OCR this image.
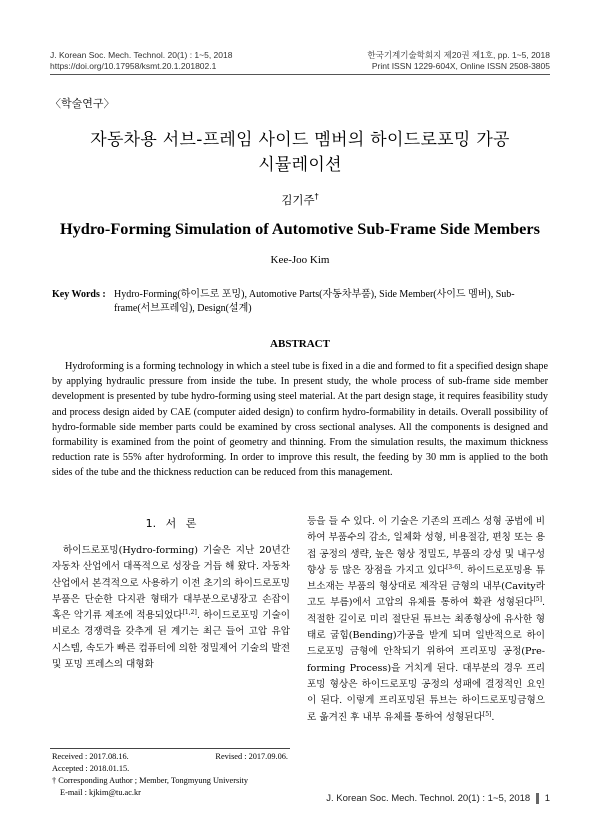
J. Korean Soc. Mech. Technol. 20(1) : 1~5, 2018
https://doi.org/10.17958/ksmt.20.1.201802.1
한국기계기술학회지 제20권 제1호, pp. 1~5, 2018
Print ISSN 1229-604X, Online ISSN 2508-3805
〈학술연구〉
자동차용 서브-프레임 사이드 멤버의 하이드로포밍 가공
시뮬레이션
김기주†
Hydro-Forming Simulation of Automotive Sub-Frame Side Members
Kee-Joo Kim
Key Words : Hydro-Forming(하이드로 포밍), Automotive Parts(자동차부품), Side Member(사이드 멤버), Sub-frame(서브프레임), Design(설계)
ABSTRACT
Hydroforming is a forming technology in which a steel tube is fixed in a die and formed to fit a specified design shape by applying hydraulic pressure from inside the tube. In present study, the whole process of sub-frame side member development is presented by tube hydro-forming using steel material. At the part design stage, it requires feasibility study and process design aided by CAE (computer aided design) to confirm hydro-formability in details. Overall possibility of hydro-formable side member parts could be examined by cross sectional analyses. All the components is designed and formability is examined from the point of geometry and thinning. From the simulation results, the maximum thickness reduction rate is 55% after hydroforming. In order to improve this result, the feeding by 30 mm is applied to the both sides of the tube and the thickness reduction can be reduced from this management.
1. 서 론

하이드로포밍(Hydro-forming) 기술은 지난 20년간 자동차 산업에서 대폭적으로 성장을 거듭 해 왔다. 자동차산업에서 본격적으로 사용하기 이전 초기의 하이드로포밍 부품은 단순한 다지관 형태가 대부분으로냉장고 손잡이 혹은 악기류 제조에 적용되었다[1,2]. 하이드로포밍 기술이 비로소 경쟁력을 갖추게 된 계기는 최근 들어 고압 유압 시스템, 속도가 빠른 컴퓨터에 의한 정밀제어 기술의 발전 및 포밍 프레스의 대형화

등을 들 수 있다. 이 기술은 기존의 프레스 성형 공법에 비하여 부품수의 감소, 일체화 성형, 비용절감, 편칭 또는 용접 공정의 생략, 높은 형상 정밀도, 부품의 강성 및 내구성 향상 등 많은 장점을 가지고 있다[3-6]. 하이드로포밍용 튜브소재는 부품의 형상대로 제작된 금형의 내부(Cavity라고도 부름)에서 고압의 유체를 통하여 확관 성형된다[5]. 적절한 길이로 미리 절단된 튜브는 최종형상에 유사한 형태로 굽힘(Bending)가공을 받게 되며 일반적으로 하이드로포밍 금형에 안착되기 위하여 프리포밍 공정(Pre-forming Process)을 거치게 된다. 대부분의 경우 프리포밍 형상은 하이드로포밍 공정의 성패에 결정적인 요인이 된다. 이렇게 프리포밍된 튜브는 하이드로포밍금형으로 옮겨진 후 내부 유체를 통하여 성형된다[5].

Received : 2017.08.16.	Revised : 2017.09.06.
Accepted : 2018.01.15.
† Corresponding Author ; Member, Tongmyung University
E-mail : kjkim@tu.ac.kr
J. Korean Soc. Mech. Technol. 20(1) : 1~5, 2018 1
